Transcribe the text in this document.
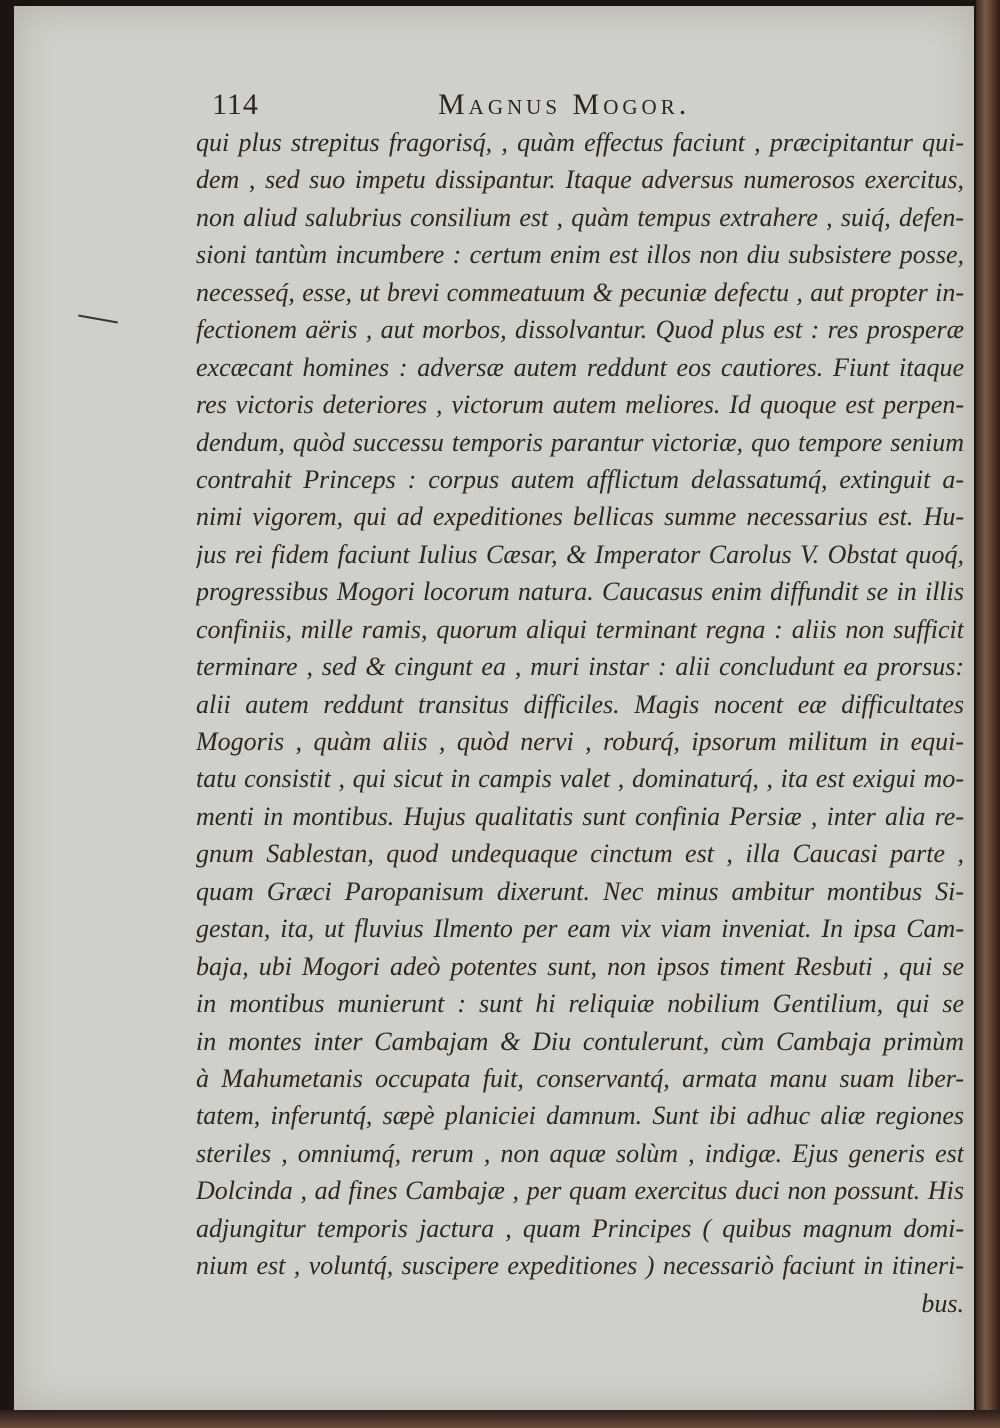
114	Magnus Mogor.
qui plus strepitus fragorisq́, , quàm effectus faciunt , præcipitantur qui-
dem , sed suo impetu dissipantur. Itaque adversus numerosos exercitus,
non aliud salubrius consilium est , quàm tempus extrahere , suiq́, defen-
sioni tantùm incumbere : certum enim est illos non diu subsistere posse,
necesseq́, esse, ut brevi commeatuum & pecuniæ defectu , aut propter in-
fectionem aëris , aut morbos, dissolvantur. Quod plus est : res prosperæ
excæcant homines : adversæ autem reddunt eos cautiores. Fiunt itaque
res victoris deteriores , victorum autem meliores. Id quoque est perpen-
dendum, quòd successu temporis parantur victoriæ, quo tempore senium
contrahit Princeps : corpus autem afflictum delassatumq́, extinguit a-
nimi vigorem, qui ad expeditiones bellicas summe necessarius est. Hu-
jus rei fidem faciunt Iulius Cæsar, & Imperator Carolus V. Obstat quoq́,
progressibus Mogori locorum natura. Caucasus enim diffundit se in illis
confiniis, mille ramis, quorum aliqui terminant regna : aliis non sufficit
terminare , sed & cingunt ea , muri instar : alii concludunt ea prorsus:
alii autem reddunt transitus difficiles. Magis nocent eæ difficultates
Mogoris , quàm aliis , quòd nervi , roburq́, ipsorum militum in equi-
tatu consistit , qui sicut in campis valet , dominaturq́, , ita est exigui mo-
menti in montibus. Hujus qualitatis sunt confinia Persiæ , inter alia re-
gnum Sablestan, quod undequaque cinctum est , illa Caucasi parte ,
quam Græci Paropanisum dixerunt. Nec minus ambitur montibus Si-
gestan, ita, ut fluvius Ilmento per eam vix viam inveniat. In ipsa Cam-
baja, ubi Mogori adeò potentes sunt, non ipsos timent Resbuti , qui se
in montibus munierunt : sunt hi reliquiæ nobilium Gentilium, qui se
in montes inter Cambajam & Diu contulerunt, cùm Cambaja primùm
à Mahumetanis occupata fuit, conservantq́, armata manu suam liber-
tatem, inferuntq́, sæpè planiciei damnum. Sunt ibi adhuc aliæ regiones
steriles , omniumq́, rerum , non aquæ solùm , indigæ. Ejus generis est
Dolcinda , ad fines Cambajæ , per quam exercitus duci non possunt. His
adjungitur temporis jactura , quam Principes ( quibus magnum domi-
nium est , voluntq́, suscipere expeditiones ) necessariò faciunt in itineri-
bus.
